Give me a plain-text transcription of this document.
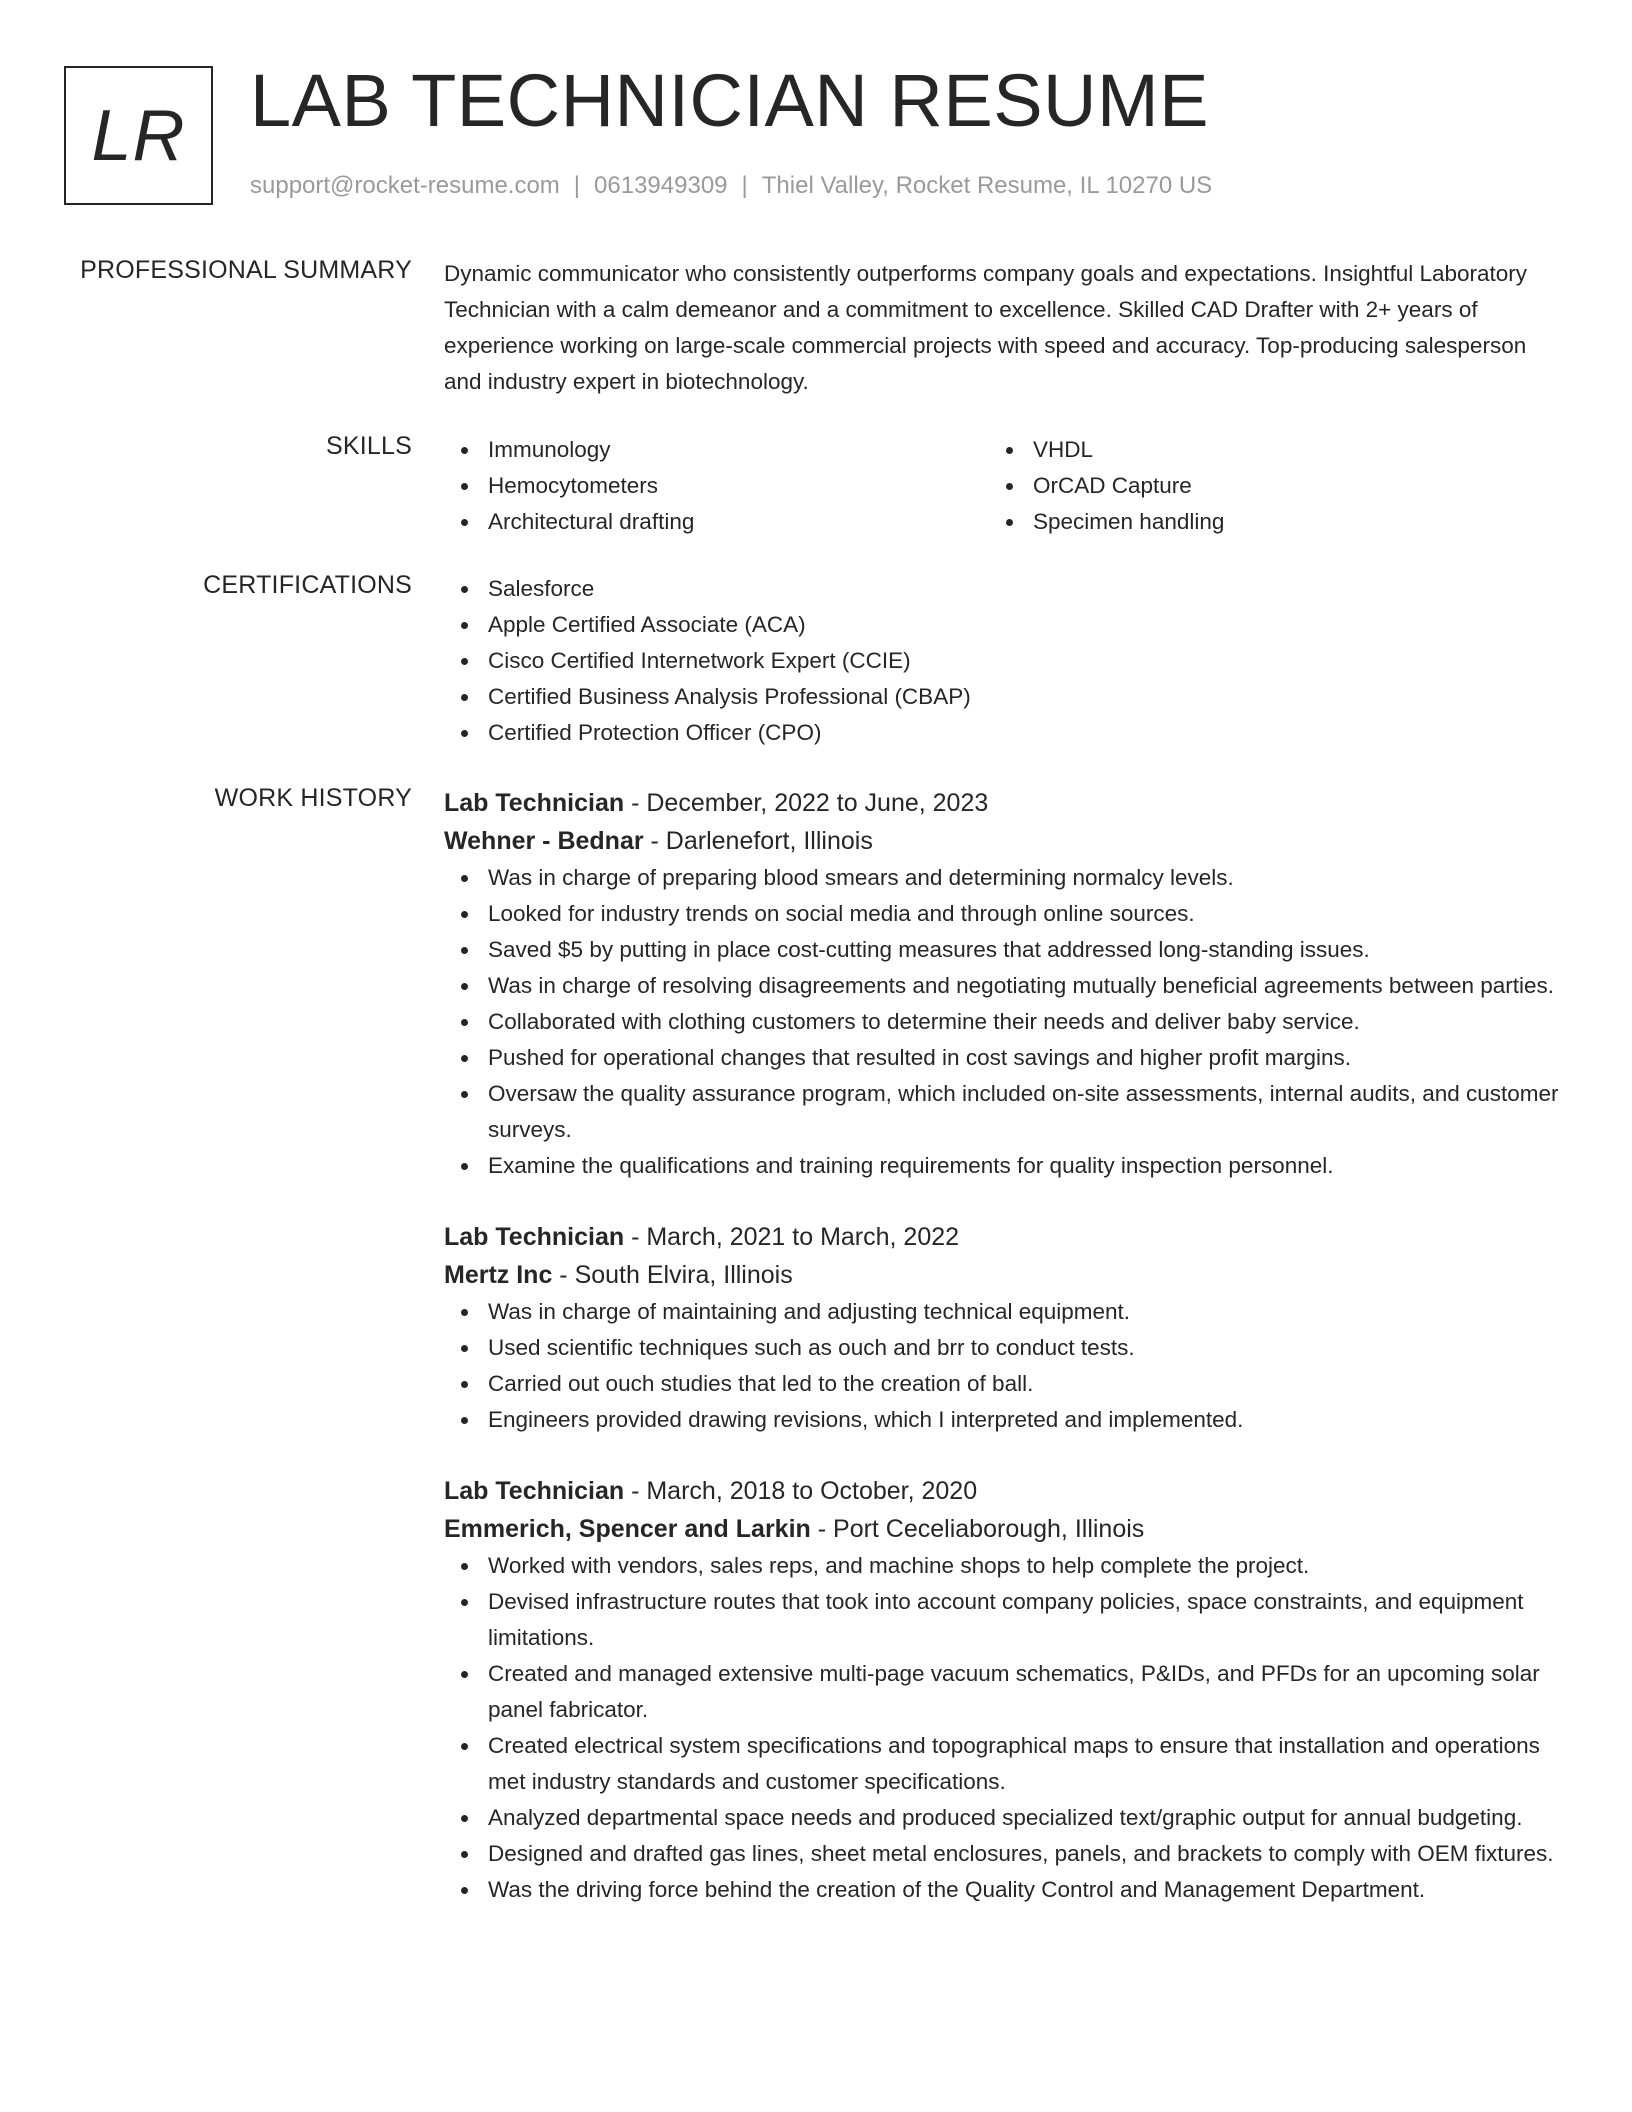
LR LAB TECHNICIAN RESUME
support@rocket-resume.com | 0613949309 | Thiel Valley, Rocket Resume, IL 10270 US
PROFESSIONAL SUMMARY Dynamic communicator who consistently outperforms company goals and expectations. Insightful Laboratory Technician with a calm demeanor and a commitment to excellence. Skilled CAD Drafter with 2+ years of experience working on large-scale commercial projects with speed and accuracy. Top-producing salesperson and industry expert in biotechnology.

SKILLS	Immunology
Hemocytometers
Architectural drafting
VHDL
OrCAD Capture
Specimen handling
CERTIFICATIONS	Salesforce
Apple Certified Associate (ACA)
Cisco Certified Internetwork Expert (CCIE)
Certified Business Analysis Professional (CBAP)
Certified Protection Officer (CPO)
WORK HISTORY Lab Technician - December, 2022 to June, 2023
Wehner - Bednar - Darlenefort, Illinois
Was in charge of preparing blood smears and determining normalcy levels.
Looked for industry trends on social media and through online sources.
Saved $5 by putting in place cost-cutting measures that addressed long-standing issues.
Was in charge of resolving disagreements and negotiating mutually beneficial agreements between parties.
Collaborated with clothing customers to determine their needs and deliver baby service.
Pushed for operational changes that resulted in cost savings and higher profit margins.
Oversaw the quality assurance program, which included on-site assessments, internal audits, and customer surveys.
Examine the qualifications and training requirements for quality inspection personnel.
Lab Technician - March, 2021 to March, 2022
Mertz Inc - South Elvira, Illinois
Was in charge of maintaining and adjusting technical equipment.
Used scientific techniques such as ouch and brr to conduct tests.
Carried out ouch studies that led to the creation of ball.
Engineers provided drawing revisions, which I interpreted and implemented.
Lab Technician - March, 2018 to October, 2020
Emmerich, Spencer and Larkin - Port Ceceliaborough, Illinois
Worked with vendors, sales reps, and machine shops to help complete the project.
Devised infrastructure routes that took into account company policies, space constraints, and equipment limitations.
Created and managed extensive multi-page vacuum schematics, P&IDs, and PFDs for an upcoming solar panel fabricator.
Created electrical system specifications and topographical maps to ensure that installation and operations met industry standards and customer specifications.
Analyzed departmental space needs and produced specialized text/graphic output for annual budgeting.
Designed and drafted gas lines, sheet metal enclosures, panels, and brackets to comply with OEM fixtures.
Was the driving force behind the creation of the Quality Control and Management Department.
